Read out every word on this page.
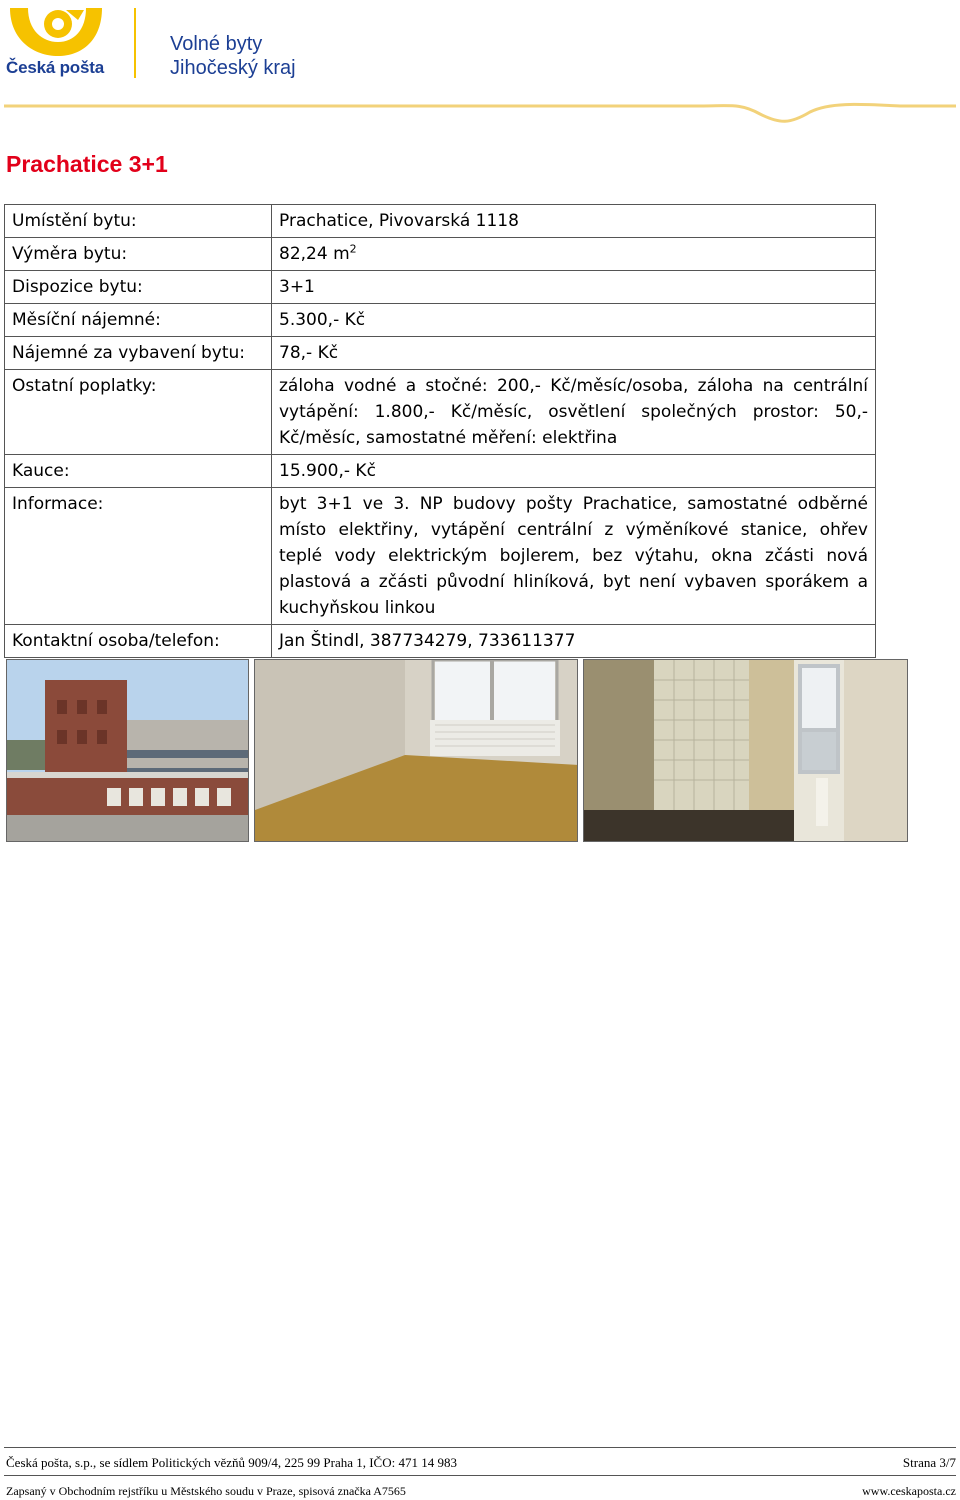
Česká pošta
Volné byty
Jihočeský kraj
Prachatice 3+1
Umístění bytu:	Prachatice, Pivovarská 1118
Výměra bytu:	82,24 $m^2$
Dispozice bytu:	3+1
Měsíční nájemné:	5.300,- Kč
Nájemné za vybavení bytu:	78,- Kč
Ostatní poplatky:	záloha vodné a stočné: 200,- Kč/měsíc/osoba, záloha na centrální vytápění: 1.800,- Kč/měsíc, osvětlení společných prostor: 50,- Kč/měsíc, samostatné měření: elektřina
Kauce:	15.900,- Kč
Informace:	byt 3+1 ve 3. NP budovy pošty Prachatice, samostatné odběrné místo elektřiny, vytápění centrální z výměníkové stanice, ohřev teplé vody elektrickým bojlerem, bez výtahu, okna zčásti nová plastová a zčásti původní hliníková, byt není vybaven sporákem a kuchyňskou linkou
Kontaktní osoba/telefon:	Jan Štindl, 387734279, 733611377
Česká pošta, s.p., se sídlem Politických vězňů 909/4, 225 99 Praha 1, IČO: 471 14 983	Strana 3/7
Zapsaný v Obchodním rejstříku u Městského soudu v Praze, spisová značka A7565	www.ceskaposta.cz
